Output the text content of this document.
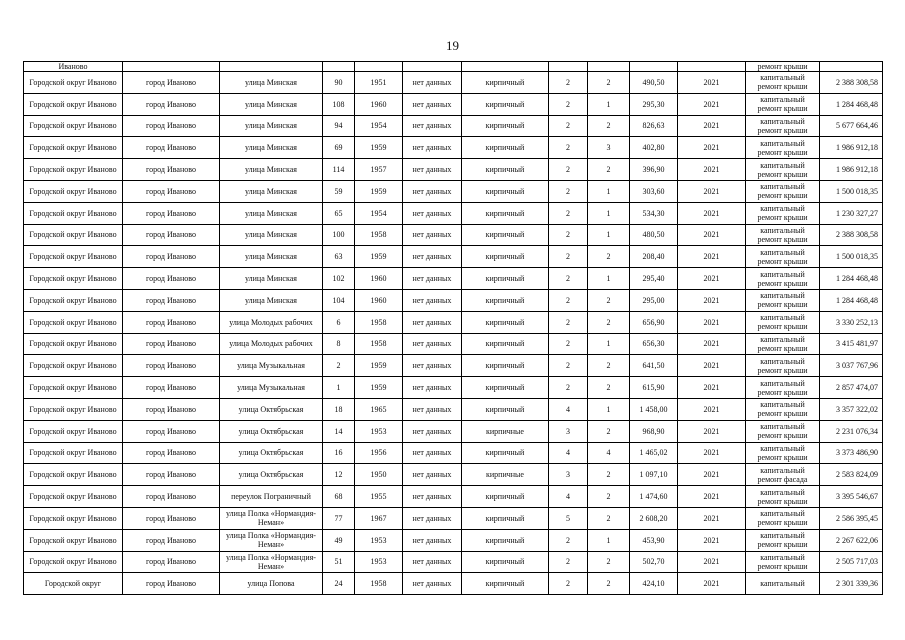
19
Иваново											ремонт крыши	
Городской округ Иваново	город Иваново	улица Минская	90	1951	нет данных	кирпичный	2	2	490,50	2021	капитальный ремонт крыши	2 388 308,58
Городской округ Иваново	город Иваново	улица Минская	108	1960	нет данных	кирпичный	2	1	295,30	2021	капитальный ремонт крыши	1 284 468,48
Городской округ Иваново	город Иваново	улица Минская	94	1954	нет данных	кирпичный	2	2	826,63	2021	капитальный ремонт крыши	5 677 664,46
Городской округ Иваново	город Иваново	улица Минская	69	1959	нет данных	кирпичный	2	3	402,80	2021	капитальный ремонт крыши	1 986 912,18
Городской округ Иваново	город Иваново	улица Минская	114	1957	нет данных	кирпичный	2	2	396,90	2021	капитальный ремонт крыши	1 986 912,18
Городской округ Иваново	город Иваново	улица Минская	59	1959	нет данных	кирпичный	2	1	303,60	2021	капитальный ремонт крыши	1 500 018,35
Городской округ Иваново	город Иваново	улица Минская	65	1954	нет данных	кирпичный	2	1	534,30	2021	капитальный ремонт крыши	1 230 327,27
Городской округ Иваново	город Иваново	улица Минская	100	1958	нет данных	кирпичный	2	1	480,50	2021	капитальный ремонт крыши	2 388 308,58
Городской округ Иваново	город Иваново	улица Минская	63	1959	нет данных	кирпичный	2	2	208,40	2021	капитальный ремонт крыши	1 500 018,35
Городской округ Иваново	город Иваново	улица Минская	102	1960	нет данных	кирпичный	2	1	295,40	2021	капитальный ремонт крыши	1 284 468,48
Городской округ Иваново	город Иваново	улица Минская	104	1960	нет данных	кирпичный	2	2	295,00	2021	капитальный ремонт крыши	1 284 468,48
Городской округ Иваново	город Иваново	улица Молодых рабочих	6	1958	нет данных	кирпичный	2	2	656,90	2021	капитальный ремонт крыши	3 330 252,13
Городской округ Иваново	город Иваново	улица Молодых рабочих	8	1958	нет данных	кирпичный	2	1	656,30	2021	капитальный ремонт крыши	3 415 481,97
Городской округ Иваново	город Иваново	улица Музыкальная	2	1959	нет данных	кирпичный	2	2	641,50	2021	капитальный ремонт крыши	3 037 767,96
Городской округ Иваново	город Иваново	улица Музыкальная	1	1959	нет данных	кирпичный	2	2	615,90	2021	капитальный ремонт крыши	2 857 474,07
Городской округ Иваново	город Иваново	улица Октябрьская	18	1965	нет данных	кирпичный	4	1	1 458,00	2021	капитальный ремонт крыши	3 357 322,02
Городской округ Иваново	город Иваново	улица Октябрьская	14	1953	нет данных	кирпичные	3	2	968,90	2021	капитальный ремонт крыши	2 231 076,34
Городской округ Иваново	город Иваново	улица Октябрьская	16	1956	нет данных	кирпичный	4	4	1 465,02	2021	капитальный ремонт крыши	3 373 486,90
Городской округ Иваново	город Иваново	улица Октябрьская	12	1950	нет данных	кирпичные	3	2	1 097,10	2021	капитальный ремонт фасада	2 583 824,09
Городской округ Иваново	город Иваново	переулок Пограничный	68	1955	нет данных	кирпичный	4	2	1 474,60	2021	капитальный ремонт крыши	3 395 546,67
Городской округ Иваново	город Иваново	улица Полка «Нормандия-Неман»	77	1967	нет данных	кирпичный	5	2	2 608,20	2021	капитальный ремонт крыши	2 586 395,45
Городской округ Иваново	город Иваново	улица Полка «Нормандия-Неман»	49	1953	нет данных	кирпичный	2	1	453,90	2021	капитальный ремонт крыши	2 267 622,06
Городской округ Иваново	город Иваново	улица Полка «Нормандия-Неман»	51	1953	нет данных	кирпичный	2	2	502,70	2021	капитальный ремонт крыши	2 505 717,03
Городской округ	город Иваново	улица Попова	24	1958	нет данных	кирпичный	2	2	424,10	2021	капитальный	2 301 339,36
